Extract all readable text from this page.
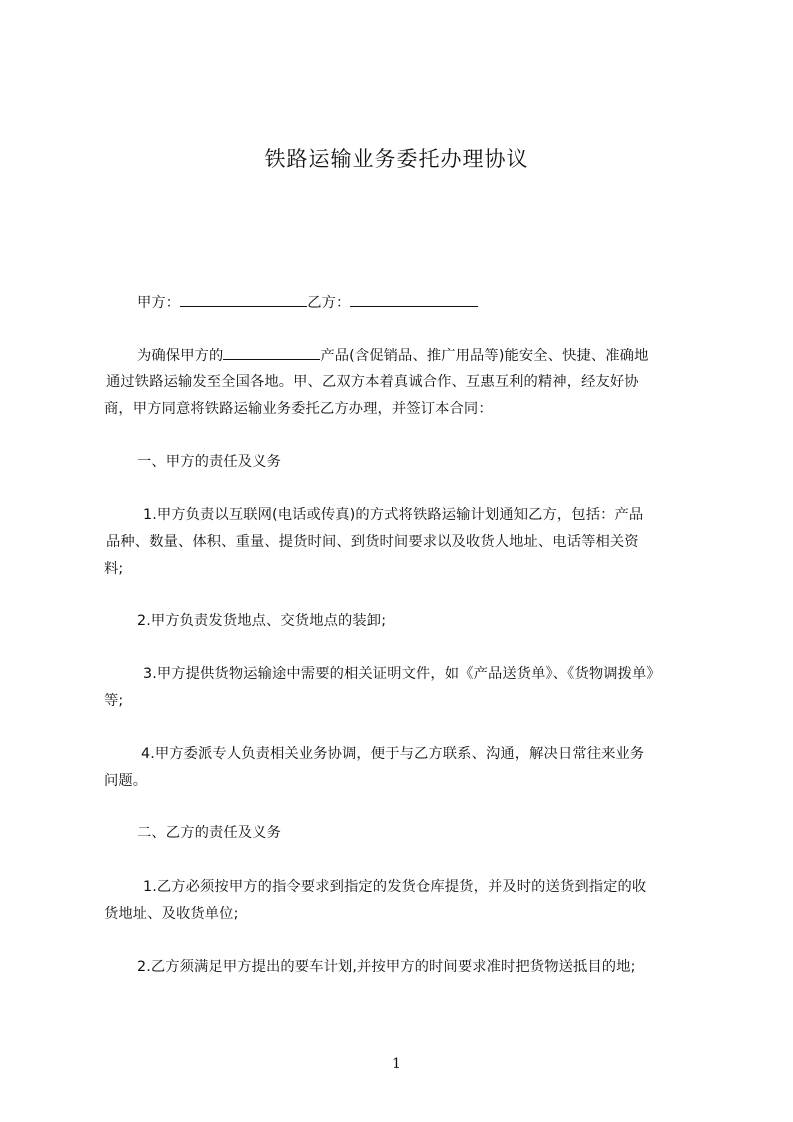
铁路运输业务委托办理协议
甲方：	乙方：
为确保甲方的	产品(含促销品、推广用品等)能安全、快捷、准确地
通过铁路运输发至全国各地。甲、乙双方本着真诚合作、互惠互利的精神，经友好协
商，甲方同意将铁路运输业务委托乙方办理，并签订本合同：
一、甲方的责任及义务
1.甲方负责以互联网(电话或传真)的方式将铁路运输计划通知乙方，包括：产品
品种、数量、体积、重量、提货时间、到货时间要求以及收货人地址、电话等相关资
料;
2.甲方负责发货地点、交货地点的装卸;
3.甲方提供货物运输途中需要的相关证明文件，如《产品送货单》、《货物调拨单》
等;
4.甲方委派专人负责相关业务协调，便于与乙方联系、沟通，解决日常往来业务
问题。
二、乙方的责任及义务
1.乙方必须按甲方的指令要求到指定的发货仓库提货，并及时的送货到指定的收
货地址、及收货单位;
2.乙方须满足甲方提出的要车计划,并按甲方的时间要求准时把货物送抵目的地;
1
